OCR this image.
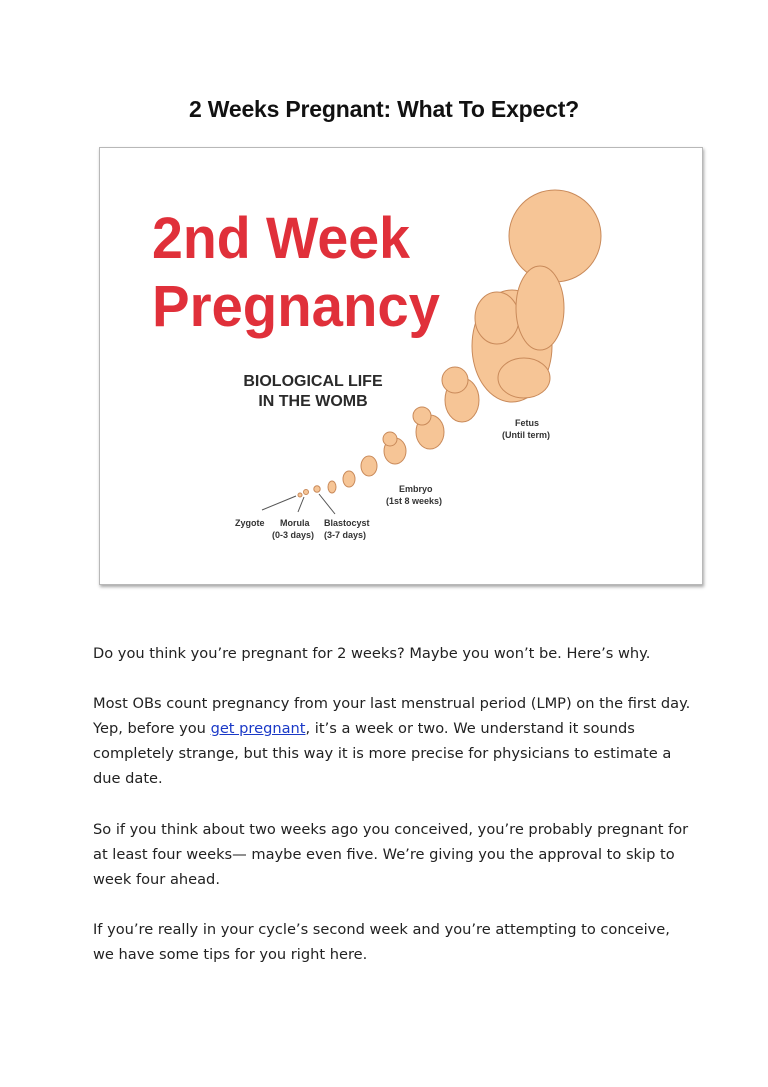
2 Weeks Pregnant: What To Expect?
2nd Week
Pregnancy
BIOLOGICAL LIFE
IN THE WOMB
Zygote Morula
(0-3 days)
Blastocyst
(3-7 days)
Embryo
(1st 8 weeks)
Fetus
(Until term)

Do you think you’re pregnant for 2 weeks? Maybe you won’t be. Here’s why.

Most OBs count pregnancy from your last menstrual period (LMP) on the first day. Yep, before you get pregnant, it’s a week or two. We understand it sounds completely strange, but this way it is more precise for physicians to estimate a due date.

So if you think about two weeks ago you conceived, you’re probably pregnant for at least four weeks— maybe even five. We’re giving you the approval to skip to week four ahead.

If you’re really in your cycle’s second week and you’re attempting to conceive, we have some tips for you right here.
